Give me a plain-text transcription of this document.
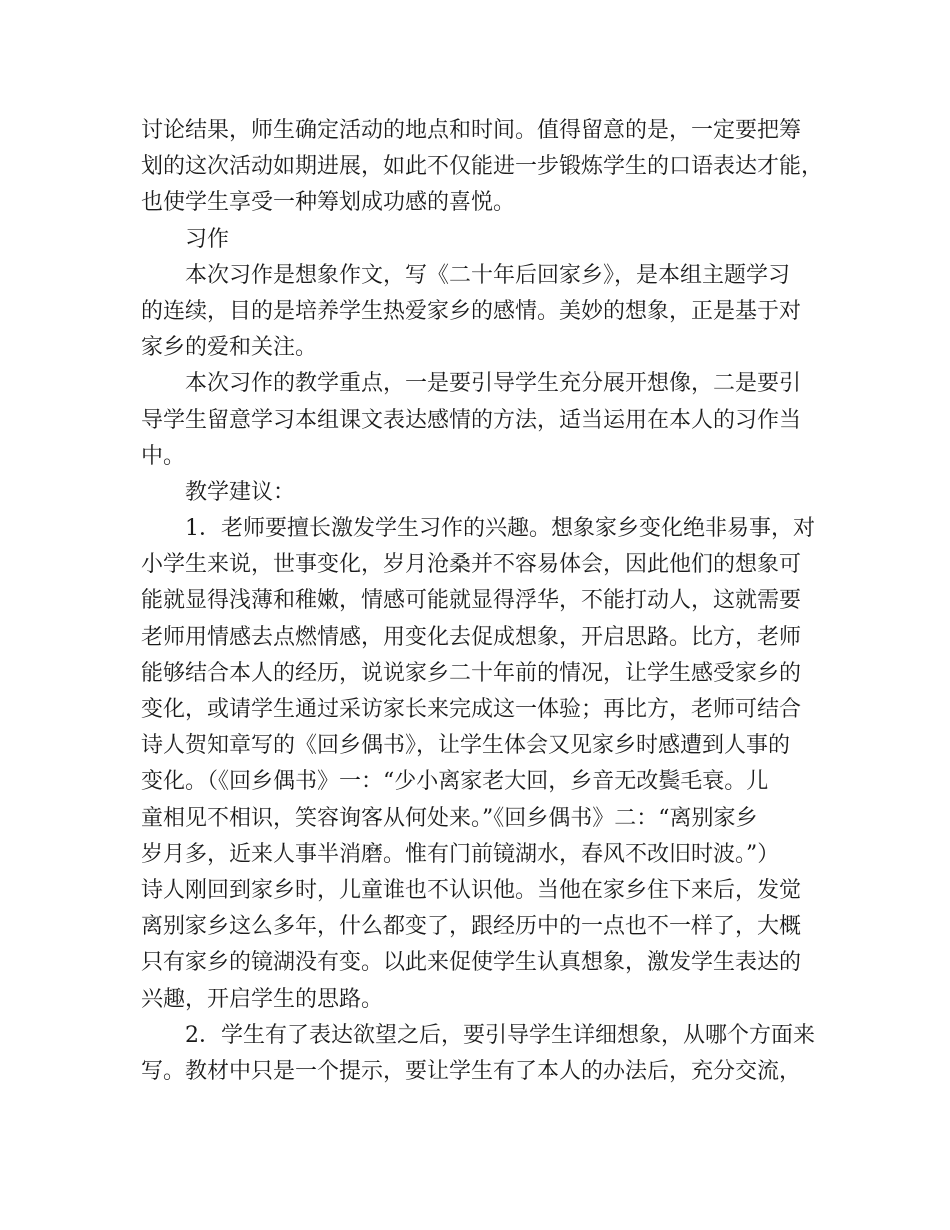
讨论结果，师生确定活动的地点和时间。值得留意的是，一定要把筹
划的这次活动如期进展，如此不仅能进一步锻炼学生的口语表达才能，
也使学生享受一种筹划成功感的喜悦。
习作
本次习作是想象作文，写《二十年后回家乡》，是本组主题学习
的连续，目的是培养学生热爱家乡的感情。美妙的想象，正是基于对
家乡的爱和关注。
本次习作的教学重点，一是要引导学生充分展开想像，二是要引
导学生留意学习本组课文表达感情的方法，适当运用在本人的习作当
中。
教学建议：
1．老师要擅长激发学生习作的兴趣。想象家乡变化绝非易事，对
小学生来说，世事变化，岁月沧桑并不容易体会，因此他们的想象可
能就显得浅薄和稚嫩，情感可能就显得浮华，不能打动人，这就需要
老师用情感去点燃情感，用变化去促成想象，开启思路。比方，老师
能够结合本人的经历，说说家乡二十年前的情况，让学生感受家乡的
变化，或请学生通过采访家长来完成这一体验；再比方，老师可结合
诗人贺知章写的《回乡偶书》，让学生体会又见家乡时感遭到人事的
变化。（《回乡偶书》一：“少小离家老大回，乡音无改鬓毛衰。儿
童相见不相识，笑容询客从何处来。”《回乡偶书》二：“离别家乡
岁月多，近来人事半消磨。惟有门前镜湖水，春风不改旧时波。”）
诗人刚回到家乡时，儿童谁也不认识他。当他在家乡住下来后，发觉
离别家乡这么多年，什么都变了，跟经历中的一点也不一样了，大概
只有家乡的镜湖没有变。以此来促使学生认真想象，激发学生表达的
兴趣，开启学生的思路。
2．学生有了表达欲望之后，要引导学生详细想象，从哪个方面来
写。教材中只是一个提示，要让学生有了本人的办法后，充分交流，
